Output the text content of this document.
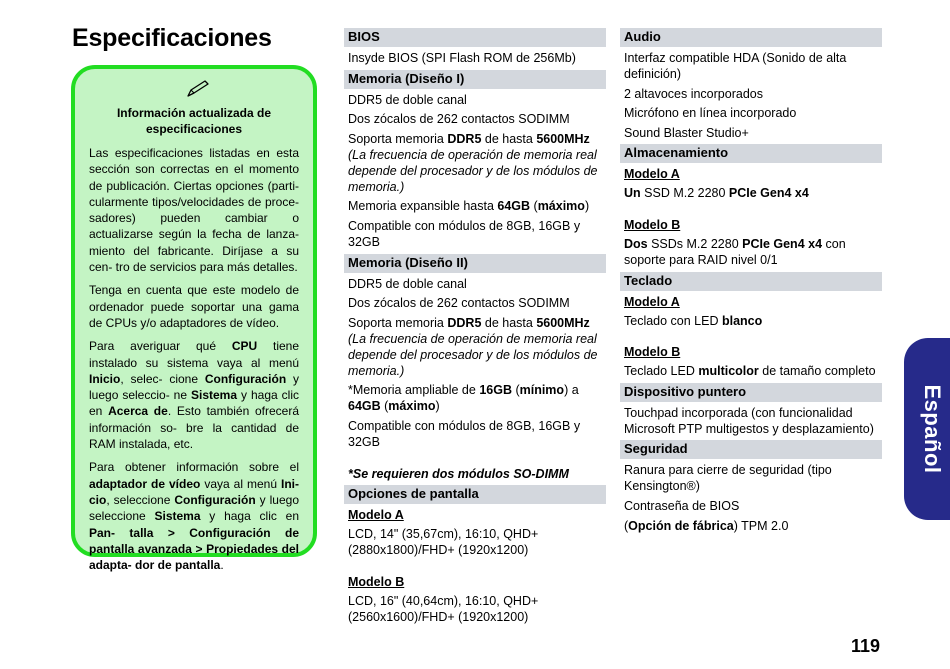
Especificaciones
Información actualizada de especificaciones

Las especificaciones listadas en esta sección son correctas en el momento de publicación. Ciertas opciones (parti- cularmente tipos/velocidades de proce- sadores) pueden cambiar o actualizarse según la fecha de lanza- miento del fabricante. Diríjase a su cen- tro de servicios para más detalles.

Tenga en cuenta que este modelo de ordenador puede soportar una gama de CPUs y/o adaptadores de vídeo.

Para averiguar qué CPU tiene instalado su sistema vaya al menú Inicio, selec- cione Configuración y luego seleccio- ne Sistema y haga clic en Acerca de. Esto también ofrecerá información so- bre la cantidad de RAM instalada, etc.

Para obtener información sobre el adaptador de vídeo vaya al menú Ini- cio, seleccione Configuración y luego seleccione Sistema y haga clic en Pan- talla > Configuración de pantalla avanzada > Propiedades del adapta- dor de pantalla.

BIOS
Insyde BIOS (SPI Flash ROM de 256Mb)
Memoria (Diseño I)
DDR5 de doble canal
Dos zócalos de 262 contactos SODIMM
Soporta memoria DDR5 de hasta 5600MHz (La frecuencia de operación de memoria real depende del procesador y de los módulos de memoria.)
Memoria expansible hasta 64GB (máximo)
Compatible con módulos de 8GB, 16GB y 32GB
Memoria (Diseño II)
DDR5 de doble canal
Dos zócalos de 262 contactos SODIMM
Soporta memoria DDR5 de hasta 5600MHz (La frecuencia de operación de memoria real depende del procesador y de los módulos de memoria.)
*Memoria ampliable de 16GB (mínimo) a 64GB (máximo)
Compatible con módulos de 8GB, 16GB y 32GB
*Se requieren dos módulos SO-DIMM
Opciones de pantalla
Modelo A
LCD, 14" (35,67cm), 16:10, QHD+ (2880x1800)/FHD+ (1920x1200)
Modelo B
LCD, 16" (40,64cm), 16:10, QHD+ (2560x1600)/FHD+ (1920x1200)
Audio
Interfaz compatible HDA (Sonido de alta definición)
2 altavoces incorporados
Micrófono en línea incorporado
Sound Blaster Studio+
Almacenamiento
Modelo A
Un SSD M.2 2280 PCIe Gen4 x4
Modelo B
Dos SSDs M.2 2280 PCIe Gen4 x4 con soporte para RAID nivel 0/1
Teclado
Modelo A
Teclado con LED blanco
Modelo B
Teclado LED multicolor de tamaño completo
Dispositivo puntero
Touchpad incorporada (con funcionalidad Microsoft PTP multigestos y desplazamiento)
Seguridad
Ranura para cierre de seguridad (tipo Kensington®)
Contraseña de BIOS
(Opción de fábrica) TPM 2.0
Español
119
